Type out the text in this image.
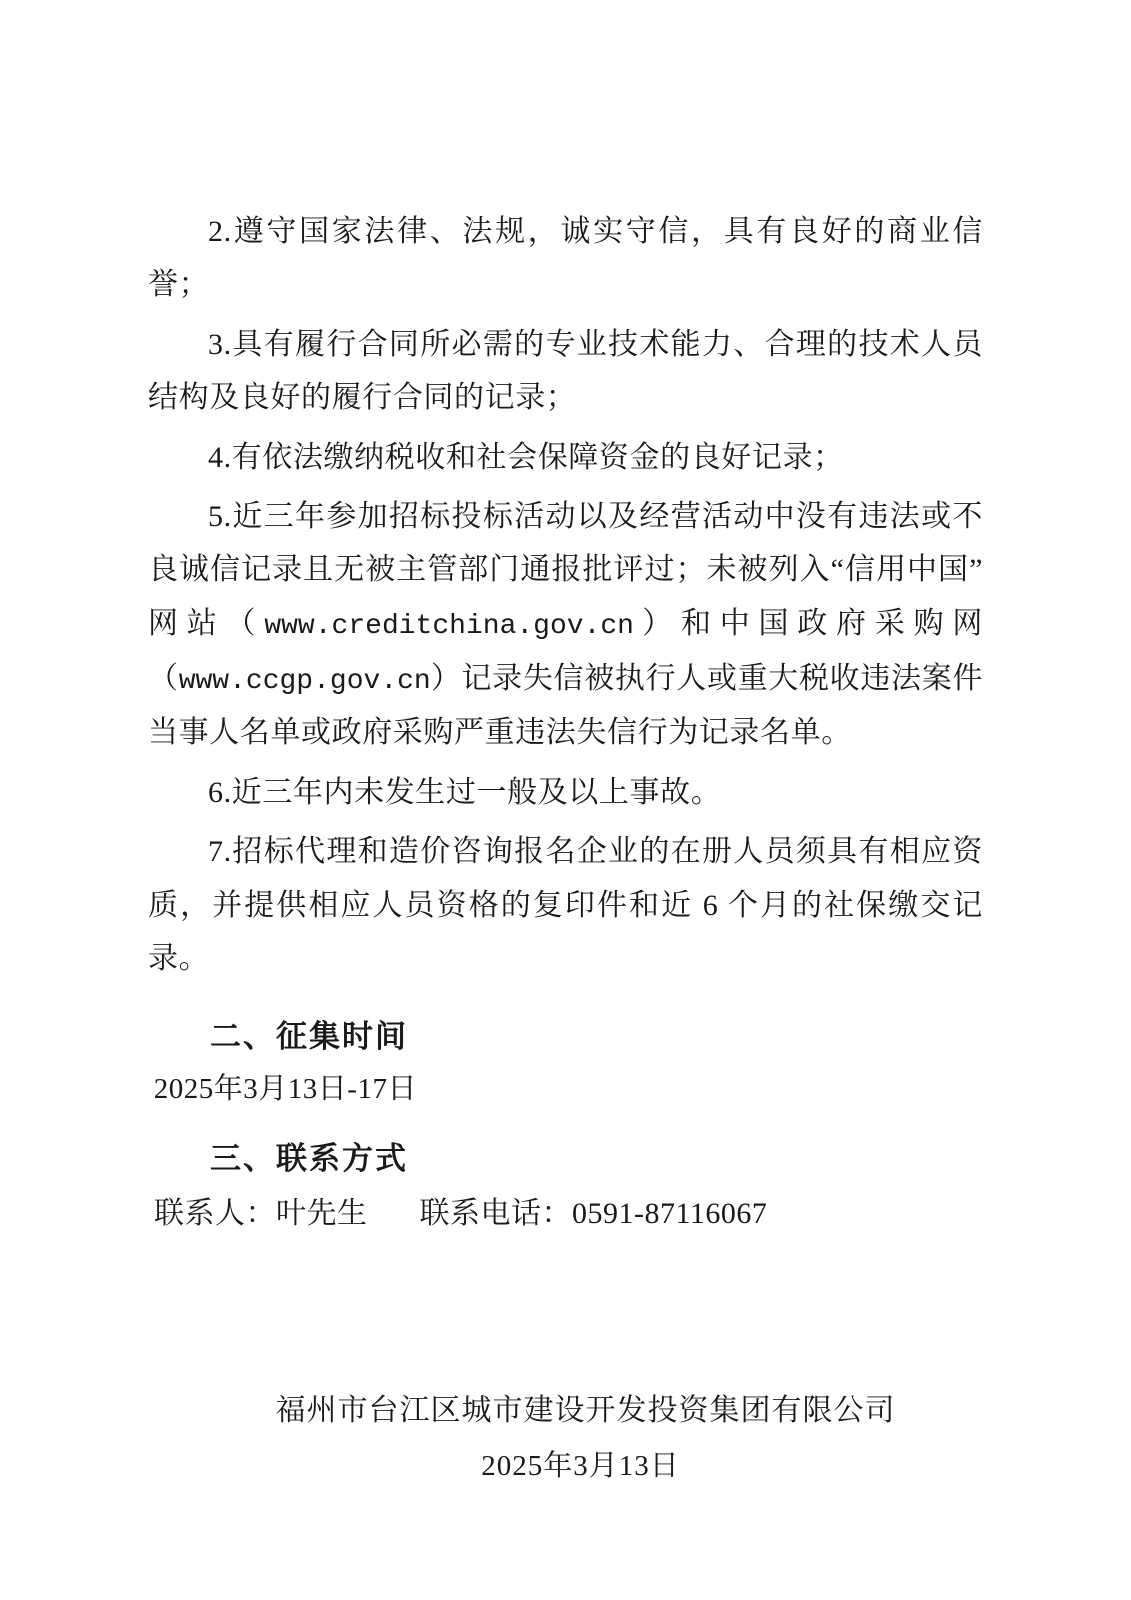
2.遵守国家法律、法规，诚实守信，具有良好的商业信誉；

3.具有履行合同所必需的专业技术能力、合理的技术人员结构及良好的履行合同的记录；

4.有依法缴纳税收和社会保障资金的良好记录；

5.近三年参加招标投标活动以及经营活动中没有违法或不良诚信记录且无被主管部门通报批评过；未被列入“信用中国”网站（www.creditchina.gov.cn）和中国政府采购网（www.ccgp.gov.cn）记录失信被执行人或重大税收违法案件当事人名单或政府采购严重违法失信行为记录名单。

6.近三年内未发生过一般及以上事故。

7.招标代理和造价咨询报名企业的在册人员须具有相应资质，并提供相应人员资格的复印件和近 6 个月的社保缴交记录。

二、征集时间

2025年3月13日-17日

三、联系方式

联系人：叶先生 联系电话：0591-87116067

福州市台江区城市建设开发投资集团有限公司
2025年3月13日
